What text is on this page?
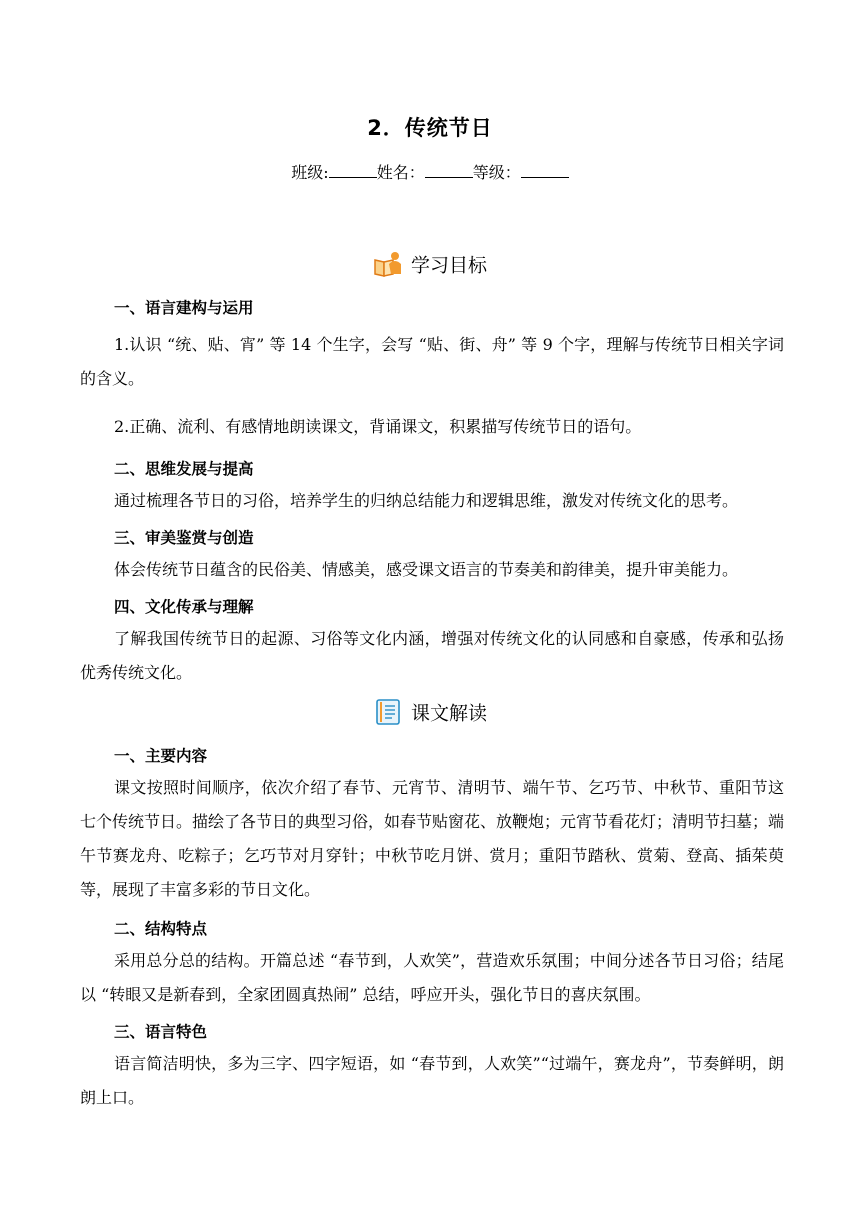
2．传统节日
班级:	姓名：	等级：
学习目标
一、语言建构与运用
1.认识 “统、贴、宵” 等 14 个生字，会写 “贴、街、舟” 等 9 个字，理解与传统节日相关字词的含义。
2.正确、流利、有感情地朗读课文，背诵课文，积累描写传统节日的语句。
二、思维发展与提高
通过梳理各节日的习俗，培养学生的归纳总结能力和逻辑思维，激发对传统文化的思考。
三、审美鉴赏与创造
体会传统节日蕴含的民俗美、情感美，感受课文语言的节奏美和韵律美，提升审美能力。
四、文化传承与理解
了解我国传统节日的起源、习俗等文化内涵，增强对传统文化的认同感和自豪感，传承和弘扬优秀传统文化。
课文解读
一、主要内容
课文按照时间顺序，依次介绍了春节、元宵节、清明节、端午节、乞巧节、中秋节、重阳节这七个传统节日。描绘了各节日的典型习俗，如春节贴窗花、放鞭炮；元宵节看花灯；清明节扫墓；端午节赛龙舟、吃粽子；乞巧节对月穿针；中秋节吃月饼、赏月；重阳节踏秋、赏菊、登高、插茱萸等，展现了丰富多彩的节日文化。
二、结构特点
采用总分总的结构。开篇总述 “春节到，人欢笑”，营造欢乐氛围；中间分述各节日习俗；结尾以 “转眼又是新春到，全家团圆真热闹” 总结，呼应开头，强化节日的喜庆氛围。
三、语言特色
语言简洁明快，多为三字、四字短语，如 “春节到，人欢笑”“过端午，赛龙舟”，节奏鲜明，朗朗上口。
